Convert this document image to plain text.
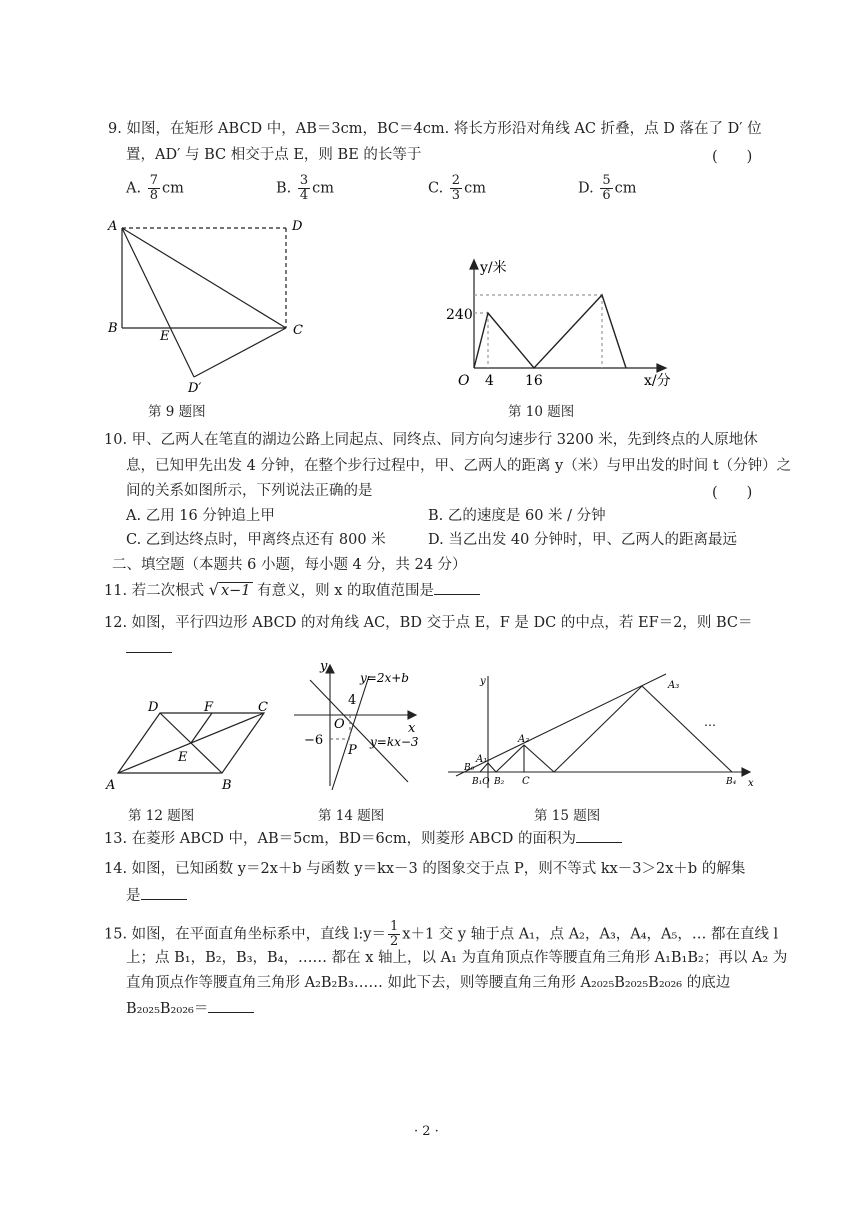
9. 如图，在矩形 ABCD 中，AB＝3cm，BC＝4cm. 将长方形沿对角线 AC 折叠，点 D 落在了 D′ 位
置，AD′ 与 BC 相交于点 E，则 BE 的长等于	(　　)
A. $\frac{7}{8}$ cm	B. $\frac{3}{4}$ cm	C. $\frac{2}{3}$ cm	D. $\frac{5}{6}$ cm
A	D
B	C
E
D′
第 9 题图
y/米
x/分
240
O 4 16
第 10 题图
10. 甲、乙两人在笔直的湖边公路上同起点、同终点、同方向匀速步行 3200 米，先到终点的人原地休
息，已知甲先出发 4 分钟，在整个步行过程中，甲、乙两人的距离 y（米）与甲出发的时间 t（分钟）之
间的关系如图所示，下列说法正确的是	(　　)
A. 乙用 16 分钟追上甲	B. 乙的速度是 60 米 / 分钟
C. 乙到达终点时，甲离终点还有 800 米	D. 当乙出发 40 分钟时，甲、乙两人的距离最远
二、填空题（本题共 6 小题，每小题 4 分，共 24 分）
11. 若二次根式 √ x−1 有意义，则 x 的取值范围是
12. 如图，平行四边形 ABCD 的对角线 AC，BD 交于点 E，F 是 DC 的中点，若 EF＝2，则 BC＝
D	F	C
E
A	B
第 12 题图
y
x
O
4
−6
P
y=2x+b
y=kx−3
第 14 题图
A₃
y
x
A₁
A₂
B₀
B₁O B₂ C	B₄
…
第 15 题图
13. 在菱形 ABCD 中，AB＝5cm，BD＝6cm，则菱形 ABCD 的面积为
14. 如图，已知函数 y＝2x＋b 与函数 y＝kx－3 的图象交于点 P，则不等式 kx－3＞2x＋b 的解集
是
15. 如图，在平面直角坐标系中，直线 l:y＝ $\frac{1}{2} x+1$ 交 y 轴于点 A₁，点 A₂，A₃，A₄，A₅，… 都在直线 l
上；点 B₁，B₂，B₃，B₄，…… 都在 x 轴上，以 A₁ 为直角顶点作等腰直角三角形 A₁B₁B₂；再以 A₂ 为
直角顶点作等腰直角三角形 A₂B₂B₃…… 如此下去，则等腰直角三角形 A₂₀₂₅B₂₀₂₅B₂₀₂₆ 的底边
B₂₀₂₅B₂₀₂₆＝
· 2 ·
